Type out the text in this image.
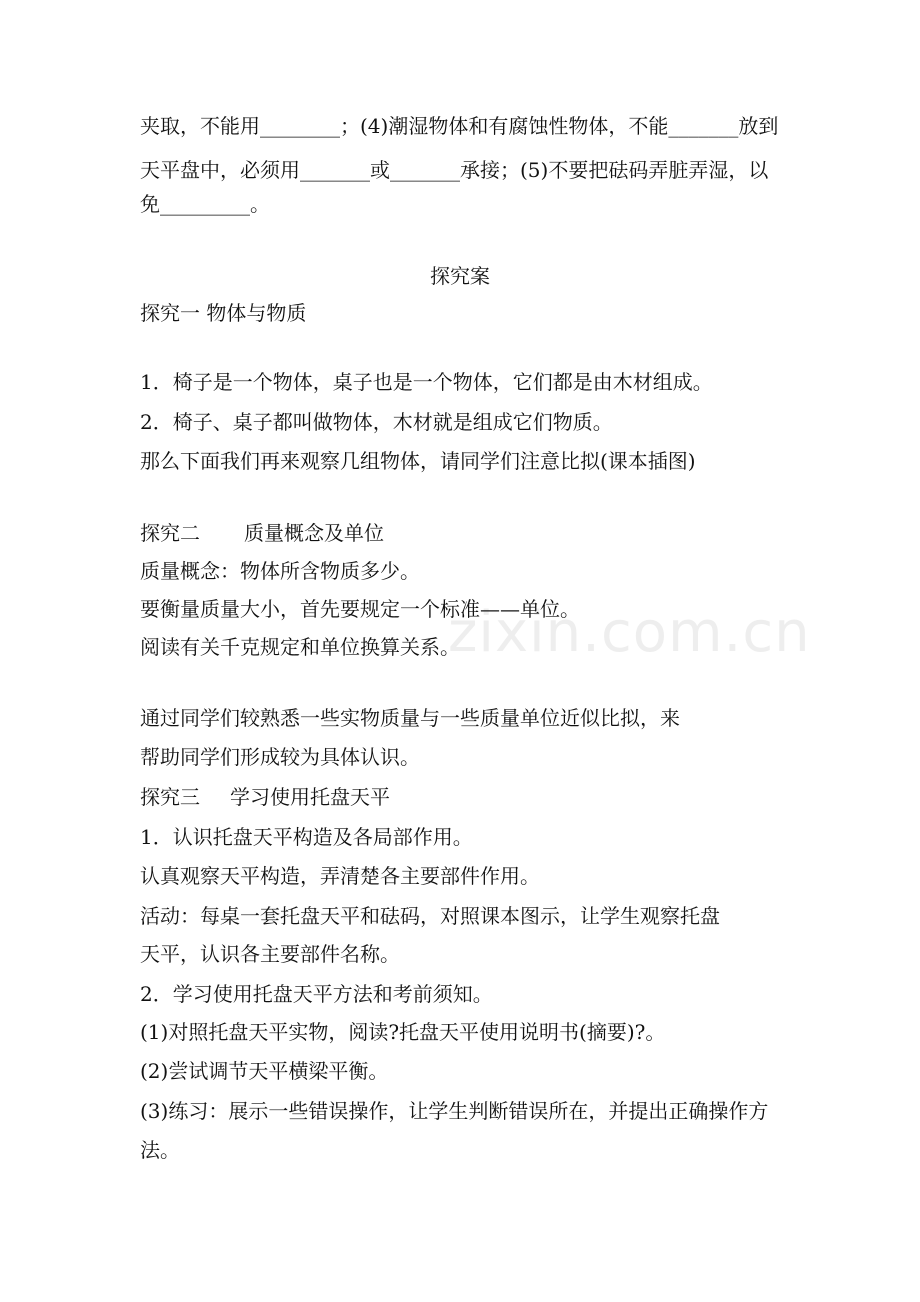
zixin.com.cn
夹取，不能用________；(4)潮湿物体和有腐蚀性物体，不能_______放到
天平盘中，必须用_______或_______承接；(5)不要把砝码弄脏弄湿，以
免_________。
探究案
探究一 物体与物质
1．椅子是一个物体，桌子也是一个物体，它们都是由木材组成。
2．椅子、桌子都叫做物体，木材就是组成它们物质。
那么下面我们再来观察几组物体，请同学们注意比拟(课本插图)
探究二 质量概念及单位
质量概念：物体所含物质多少。
要衡量质量大小，首先要规定一个标准——单位。
阅读有关千克规定和单位换算关系。
通过同学们较熟悉一些实物质量与一些质量单位近似比拟，来
帮助同学们形成较为具体认识。
探究三 学习使用托盘天平
1．认识托盘天平构造及各局部作用。
认真观察天平构造，弄清楚各主要部件作用。
活动：每桌一套托盘天平和砝码，对照课本图示，让学生观察托盘
天平，认识各主要部件名称。
2．学习使用托盘天平方法和考前须知。
(1)对照托盘天平实物，阅读?托盘天平使用说明书(摘要)?。
(2)尝试调节天平横梁平衡。
(3)练习：展示一些错误操作，让学生判断错误所在，并提出正确操作方
法。
